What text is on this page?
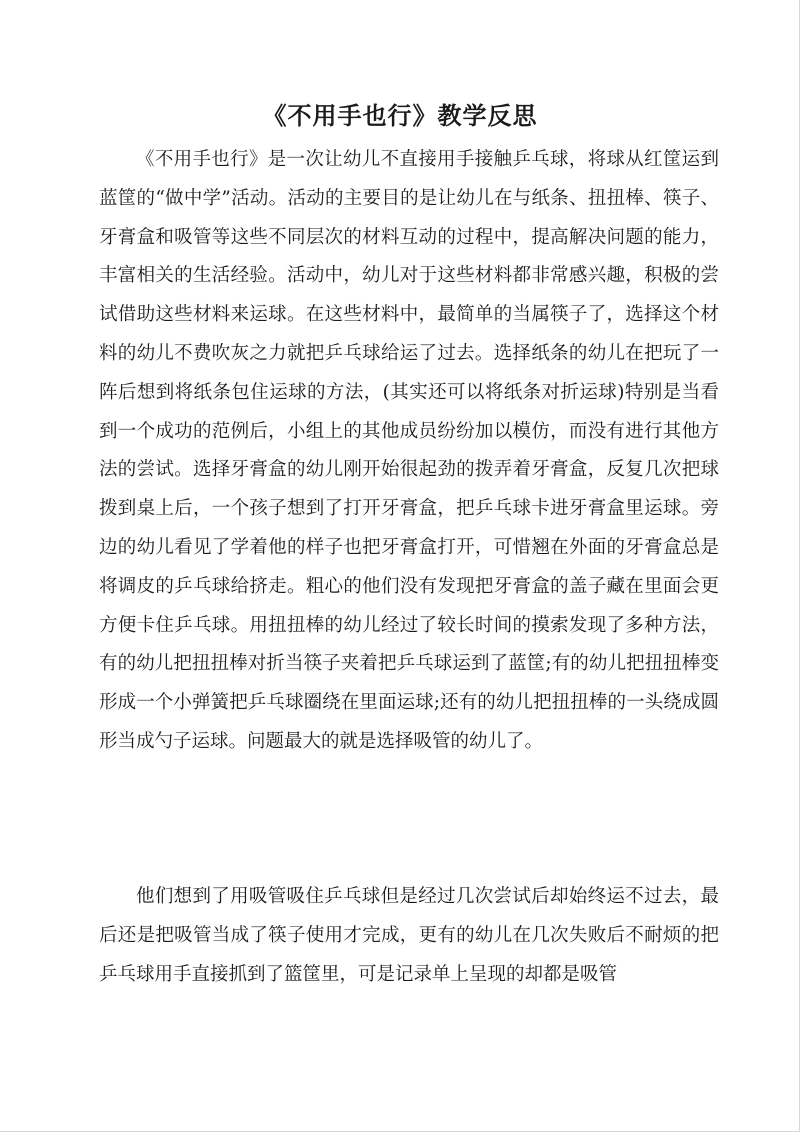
《不用手也行》教学反思

《不用手也行》是一次让幼儿不直接用手接触乒乓球，将球从红筐运到蓝筐的“做中学”活动。活动的主要目的是让幼儿在与纸条、扭扭棒、筷子、牙膏盒和吸管等这些不同层次的材料互动的过程中，提高解决问题的能力，丰富相关的生活经验。活动中，幼儿对于这些材料都非常感兴趣，积极的尝试借助这些材料来运球。在这些材料中，最简单的当属筷子了，选择这个材料的幼儿不费吹灰之力就把乒乓球给运了过去。选择纸条的幼儿在把玩了一阵后想到将纸条包住运球的方法，(其实还可以将纸条对折运球)特别是当看到一个成功的范例后，小组上的其他成员纷纷加以模仿，而没有进行其他方法的尝试。选择牙膏盒的幼儿刚开始很起劲的拨弄着牙膏盒，反复几次把球拨到桌上后，一个孩子想到了打开牙膏盒，把乒乓球卡进牙膏盒里运球。旁边的幼儿看见了学着他的样子也把牙膏盒打开，可惜翘在外面的牙膏盒总是将调皮的乒乓球给挤走。粗心的他们没有发现把牙膏盒的盖子藏在里面会更方便卡住乒乓球。用扭扭棒的幼儿经过了较长时间的摸索发现了多种方法，有的幼儿把扭扭棒对折当筷子夹着把乒乓球运到了蓝筐;有的幼儿把扭扭棒变形成一个小弹簧把乒乓球圈绕在里面运球;还有的幼儿把扭扭棒的一头绕成圆形当成勺子运球。问题最大的就是选择吸管的幼儿了。

他们想到了用吸管吸住乒乓球但是经过几次尝试后却始终运不过去，最后还是把吸管当成了筷子使用才完成，更有的幼儿在几次失败后不耐烦的把乒乓球用手直接抓到了篮筐里，可是记录单上呈现的却都是吸管
